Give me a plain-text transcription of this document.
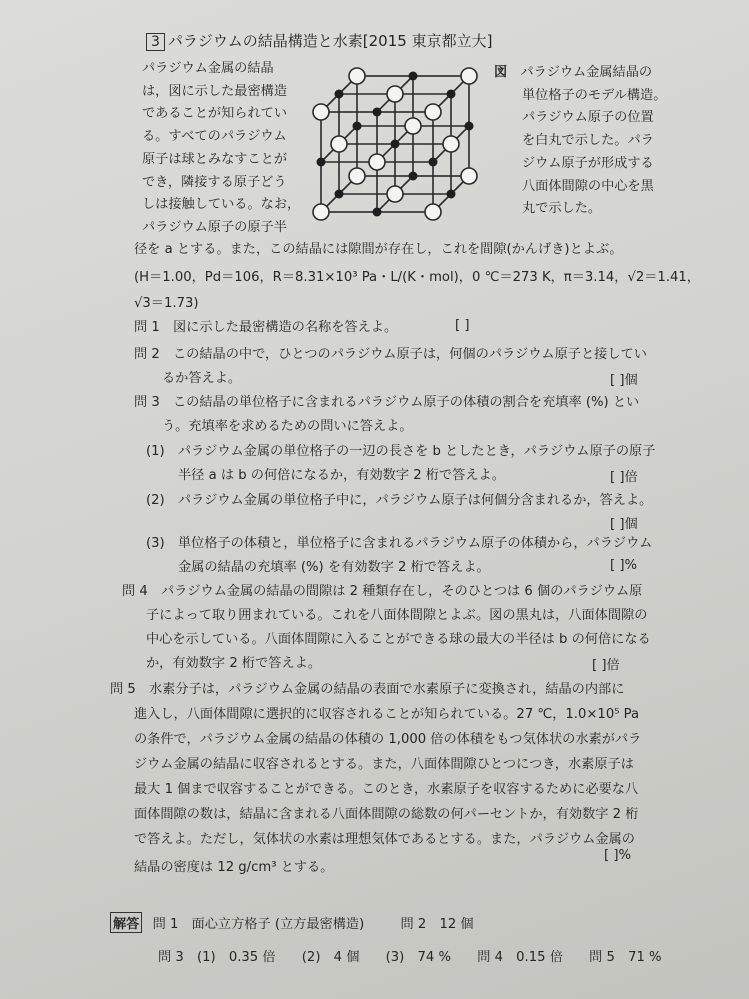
3 パラジウムの結晶構造と水素[2015 東京都立大]
パラジウム金属の結晶
は，図に示した最密構造
であることが知られてい
る。すべてのパラジウム
原子は球とみなすことが
でき，隣接する原子どう
しは接触している。なお，
パラジウム原子の原子半
図　 パラジウム金属結晶の
単位格子のモデル構造。
パラジウム原子の位置
を白丸で示した。パラ
ジウム原子が形成する
八面体間隙の中心を黒
丸で示した。
径を a とする。また，この結晶には隙間が存在し，これを間隙(かんげき)とよぶ。
(H＝1.00，Pd＝106，R＝8.31×10³ Pa・L/(K・mol)，0 ℃＝273 K，π＝3.14，√2＝1.41，
√3＝1.73)
問 1　 図に示した最密構造の名称を答えよ。	[ ]
問 2　 この結晶の中で，ひとつのパラジウム原子は，何個のパラジウム原子と接してい
るか答えよ。	[ ]個
問 3　 この結晶の単位格子に含まれるパラジウム原子の体積の割合を充填率 (%) とい
う。充填率を求めるための問いに答えよ。
(1)　 パラジウム金属の単位格子の一辺の長さを b としたとき，パラジウム原子の原子
半径 a は b の何倍になるか，有効数字 2 桁で答えよ。	[ ]倍
(2)　 パラジウム金属の単位格子中に，パラジウム原子は何個分含まれるか，答えよ。
[ ]個
(3)　 単位格子の体積と，単位格子に含まれるパラジウム原子の体積から，パラジウム
金属の結晶の充填率 (%) を有効数字 2 桁で答えよ。	[ ]%
問 4　 パラジウム金属の結晶の間隙は 2 種類存在し，そのひとつは 6 個のパラジウム原
子によって取り囲まれている。これを八面体間隙とよぶ。図の黒丸は，八面体間隙の
中心を示している。八面体間隙に入ることができる球の最大の半径は b の何倍になる
か，有効数字 2 桁で答えよ。	[ ]倍
問 5　 水素分子は，パラジウム金属の結晶の表面で水素原子に変換され，結晶の内部に
進入し，八面体間隙に選択的に収容されることが知られている。27 ℃，1.0×10⁵ Pa
の条件で，パラジウム金属の結晶の体積の 1,000 倍の体積をもつ気体状の水素がパラ
ジウム金属の結晶に収容されるとする。また，八面体間隙ひとつにつき，水素原子は
最大 1 個まで収容することができる。このとき，水素原子を収容するために必要な八
面体間隙の数は，結晶に含まれる八面体間隙の総数の何パーセントか，有効数字 2 桁
で答えよ。ただし，気体状の水素は理想気体であるとする。また，パラジウム金属の
[ ]%
結晶の密度は 12 g/cm³ とする。
解答 問 1　面心立方格子 (立方最密構造)	問 2　12 個
問 3　(1)　0.35 倍 (2)　4 個 (3)　74 % 問 4　0.15 倍 問 5　71 %
